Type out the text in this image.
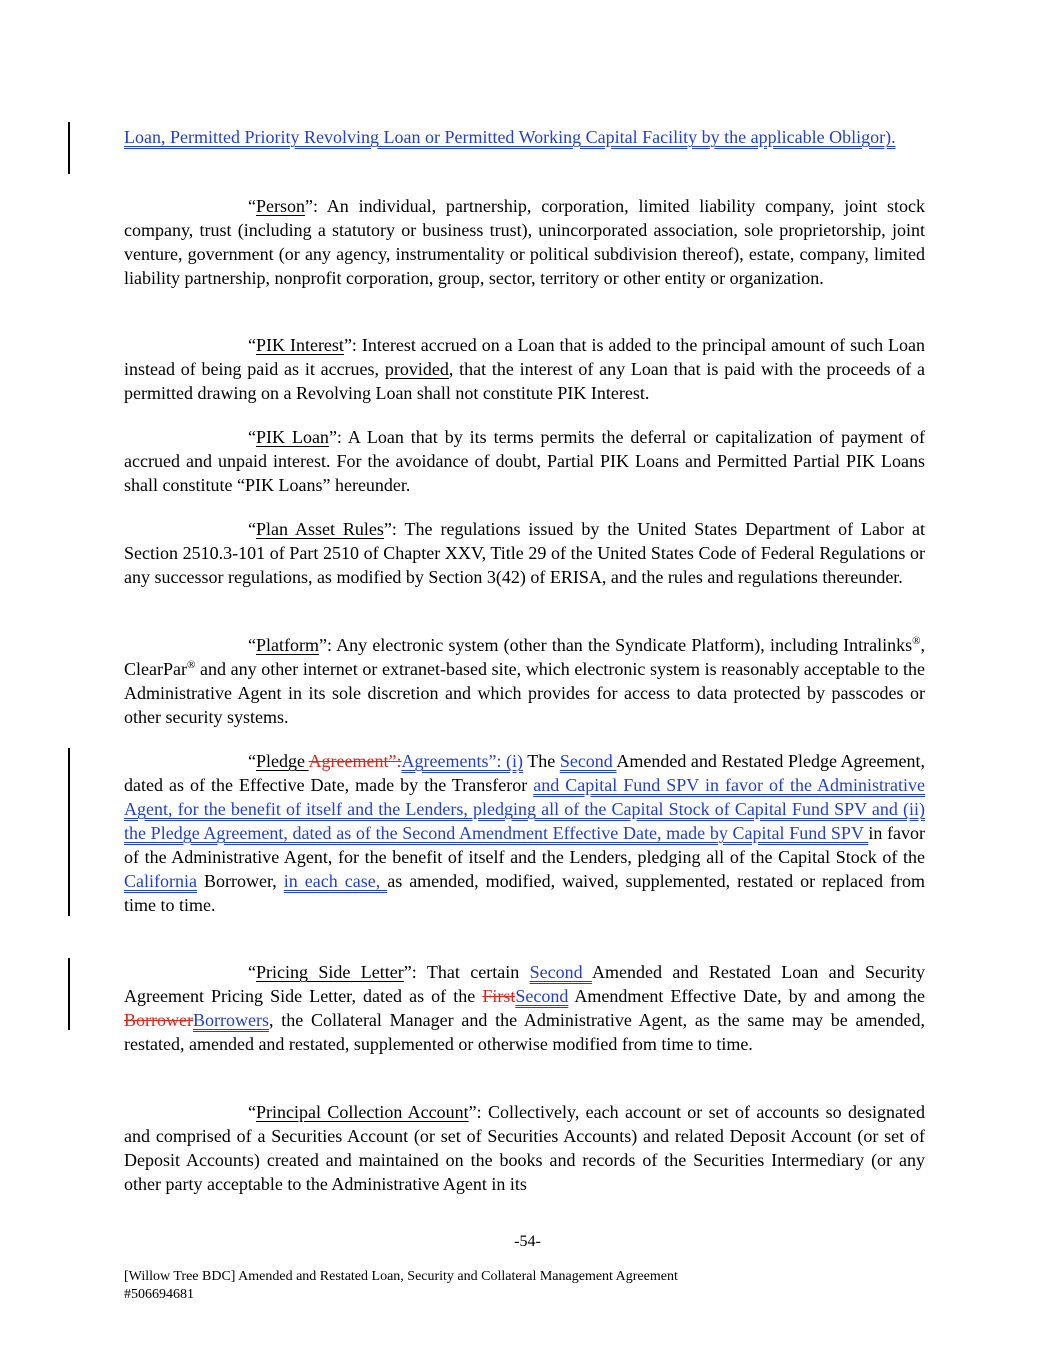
Loan, Permitted Priority Revolving Loan or Permitted Working Capital Facility by the applicable Obligor).

“Person”: An individual, partnership, corporation, limited liability company, joint stock company, trust (including a statutory or business trust), unincorporated association, sole proprietorship, joint venture, government (or any agency, instrumentality or political subdivision thereof), estate, company, limited liability partnership, nonprofit corporation, group, sector, territory or other entity or organization.

“PIK Interest”: Interest accrued on a Loan that is added to the principal amount of such Loan instead of being paid as it accrues, provided, that the interest of any Loan that is paid with the proceeds of a permitted drawing on a Revolving Loan shall not constitute PIK Interest.

“PIK Loan”: A Loan that by its terms permits the deferral or capitalization of payment of accrued and unpaid interest. For the avoidance of doubt, Partial PIK Loans and Permitted Partial PIK Loans shall constitute “PIK Loans” hereunder.

“Plan Asset Rules”: The regulations issued by the United States Department of Labor at Section 2510.3-101 of Part 2510 of Chapter XXV, Title 29 of the United States Code of Federal Regulations or any successor regulations, as modified by Section 3(42) of ERISA, and the rules and regulations thereunder.

“Platform”: Any electronic system (other than the Syndicate Platform), including Intralinks®, ClearPar® and any other internet or extranet-based site, which electronic system is reasonably acceptable to the Administrative Agent in its sole discretion and which provides for access to data protected by passcodes or other security systems.

“Pledge Agreement”:Agreements”: (i) The Second Amended and Restated Pledge Agreement, dated as of the Effective Date, made by the Transferor and Capital Fund SPV in favor of the Administrative Agent, for the benefit of itself and the Lenders, pledging all of the Capital Stock of Capital Fund SPV and (ii) the Pledge Agreement, dated as of the Second Amendment Effective Date, made by Capital Fund SPV in favor of the Administrative Agent, for the benefit of itself and the Lenders, pledging all of the Capital Stock of the California Borrower, in each case, as amended, modified, waived, supplemented, restated or replaced from time to time.

“Pricing Side Letter”: That certain Second Amended and Restated Loan and Security Agreement Pricing Side Letter, dated as of the FirstSecond Amendment Effective Date, by and among the BorrowerBorrowers, the Collateral Manager and the Administrative Agent, as the same may be amended, restated, amended and restated, supplemented or otherwise modified from time to time.

“Principal Collection Account”: Collectively, each account or set of accounts so designated and comprised of a Securities Account (or set of Securities Accounts) and related Deposit Account (or set of Deposit Accounts) created and maintained on the books and records of the Securities Intermediary (or any other party acceptable to the Administrative Agent in its

-54-
[Willow Tree BDC] Amended and Restated Loan, Security and Collateral Management Agreement
#506694681
